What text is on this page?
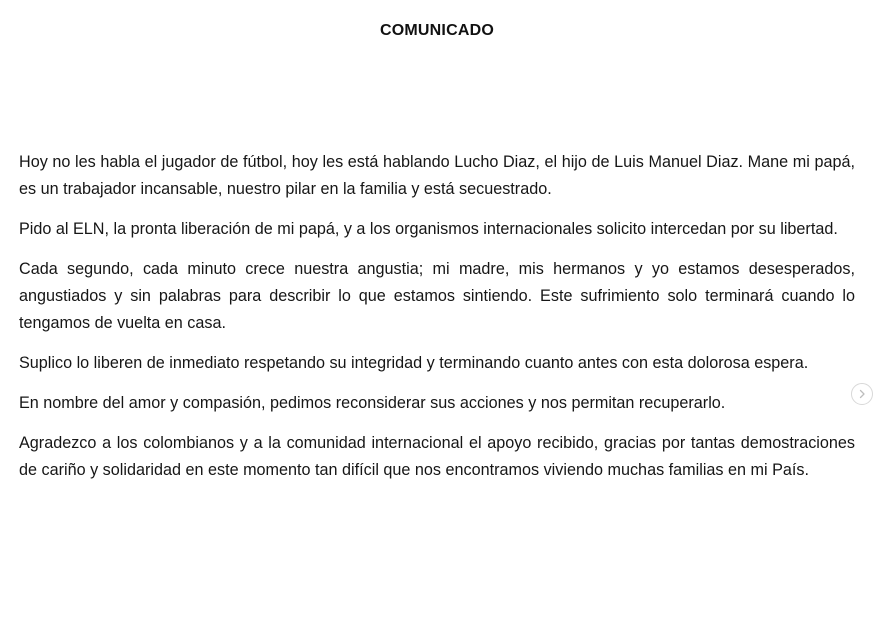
COMUNICADO

Hoy no les habla el jugador de fútbol, hoy les está hablando Lucho Diaz, el hijo de Luis Manuel Diaz. Mane mi papá, es un trabajador incansable, nuestro pilar en la familia y está secuestrado.

Pido al ELN, la pronta liberación de mi papá, y a los organismos internacionales solicito intercedan por su libertad.

Cada segundo, cada minuto crece nuestra angustia; mi madre, mis hermanos y yo estamos desesperados, angustiados y sin palabras para describir lo que estamos sintiendo. Este sufrimiento solo terminará cuando lo tengamos de vuelta en casa.

Suplico lo liberen de inmediato respetando su integridad y terminando cuanto antes con esta dolorosa espera.

En nombre del amor y compasión, pedimos reconsiderar sus acciones y nos permitan recuperarlo.

Agradezco a los colombianos y a la comunidad internacional el apoyo recibido, gracias por tantas demostraciones de cariño y solidaridad en este momento tan difícil que nos encontramos viviendo muchas familias en mi País.
